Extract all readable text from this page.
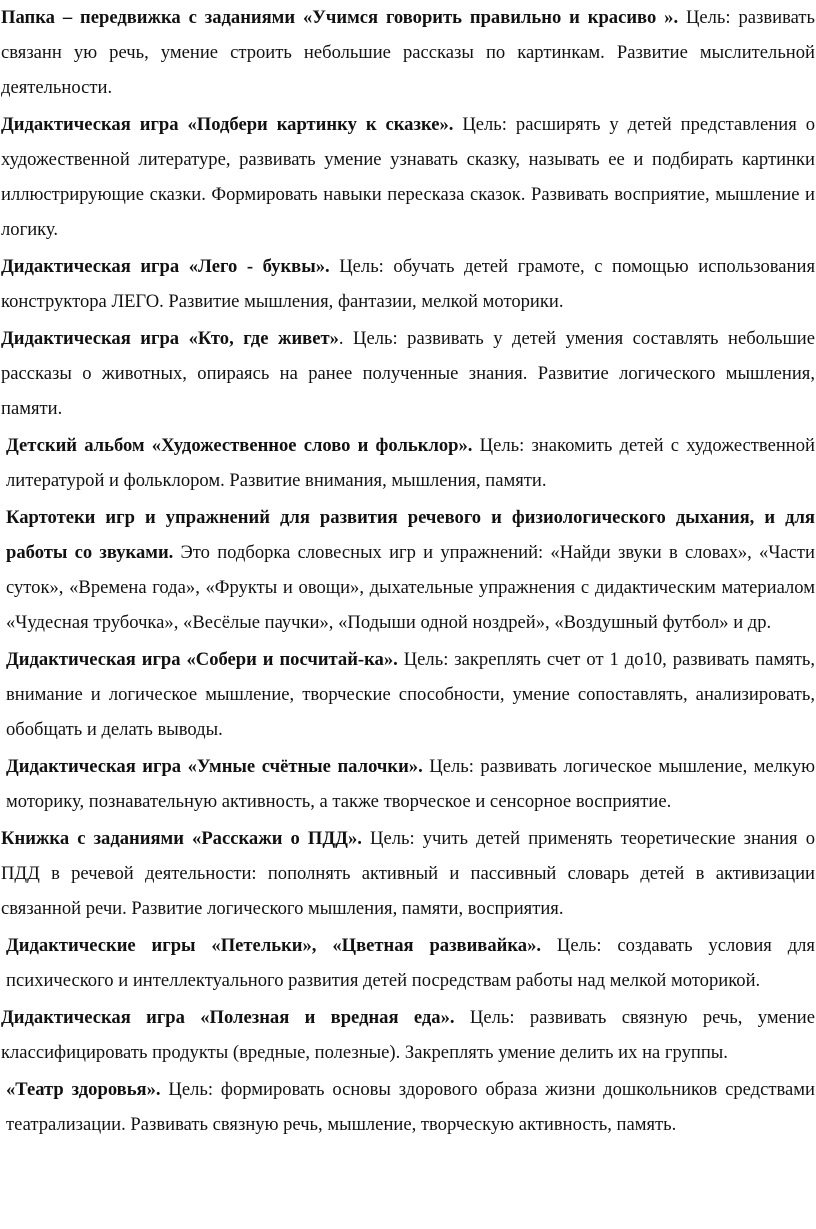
Папка – передвижка с заданиями «Учимся говорить правильно и красиво ». Цель: развивать связанн ую речь, умение строить небольшие рассказы по картинкам. Развитие мыслительной деятельности.

Дидактическая игра «Подбери картинку к сказке». Цель: расширять у детей представления о художественной литературе, развивать умение узнавать сказку, называть ее и подбирать картинки иллюстрирующие сказки. Формировать навыки пересказа сказок. Развивать восприятие, мышление и логику.

Дидактическая игра «Лего - буквы». Цель: обучать детей грамоте, с помощью использования конструктора ЛЕГО. Развитие мышления, фантазии, мелкой моторики.

Дидактическая игра «Кто, где живет». Цель: развивать у детей умения составлять небольшие рассказы о животных, опираясь на ранее полученные знания. Развитие логического мышления, памяти.

Детский альбом «Художественное слово и фольклор». Цель: знакомить детей с художественной литературой и фольклором. Развитие внимания, мышления, памяти.

Картотеки игр и упражнений для развития речевого и физиологического дыхания, и для работы со звуками. Это подборка словесных игр и упражнений: «Найди звуки в словах», «Части суток», «Времена года», «Фрукты и овощи», дыхательные упражнения с дидактическим материалом «Чудесная трубочка», «Весёлые паучки», «Подыши одной ноздрей», «Воздушный футбол» и др.

Дидактическая игра «Собери и посчитай-ка». Цель: закреплять счет от 1 до10, развивать память, внимание и логическое мышление, творческие способности, умение сопоставлять, анализировать, обобщать и делать выводы.

Дидактическая игра «Умные счётные палочки». Цель: развивать логическое мышление, мелкую моторику, познавательную активность, а также творческое и сенсорное восприятие.

Книжка с заданиями «Расскажи о ПДД». Цель: учить детей применять теоретические знания о ПДД в речевой деятельности: пополнять активный и пассивный словарь детей в активизации связанной речи. Развитие логического мышления, памяти, восприятия.

Дидактические игры «Петельки», «Цветная развивайка». Цель: создавать условия для психического и интеллектуального развития детей посредствам работы над мелкой моторикой.

Дидактическая игра «Полезная и вредная еда». Цель: развивать связную речь, умение классифицировать продукты (вредные, полезные). Закреплять умение делить их на группы.

«Театр здоровья». Цель: формировать основы здорового образа жизни дошкольников средствами театрализации. Развивать связную речь, мышление, творческую активность, память.
